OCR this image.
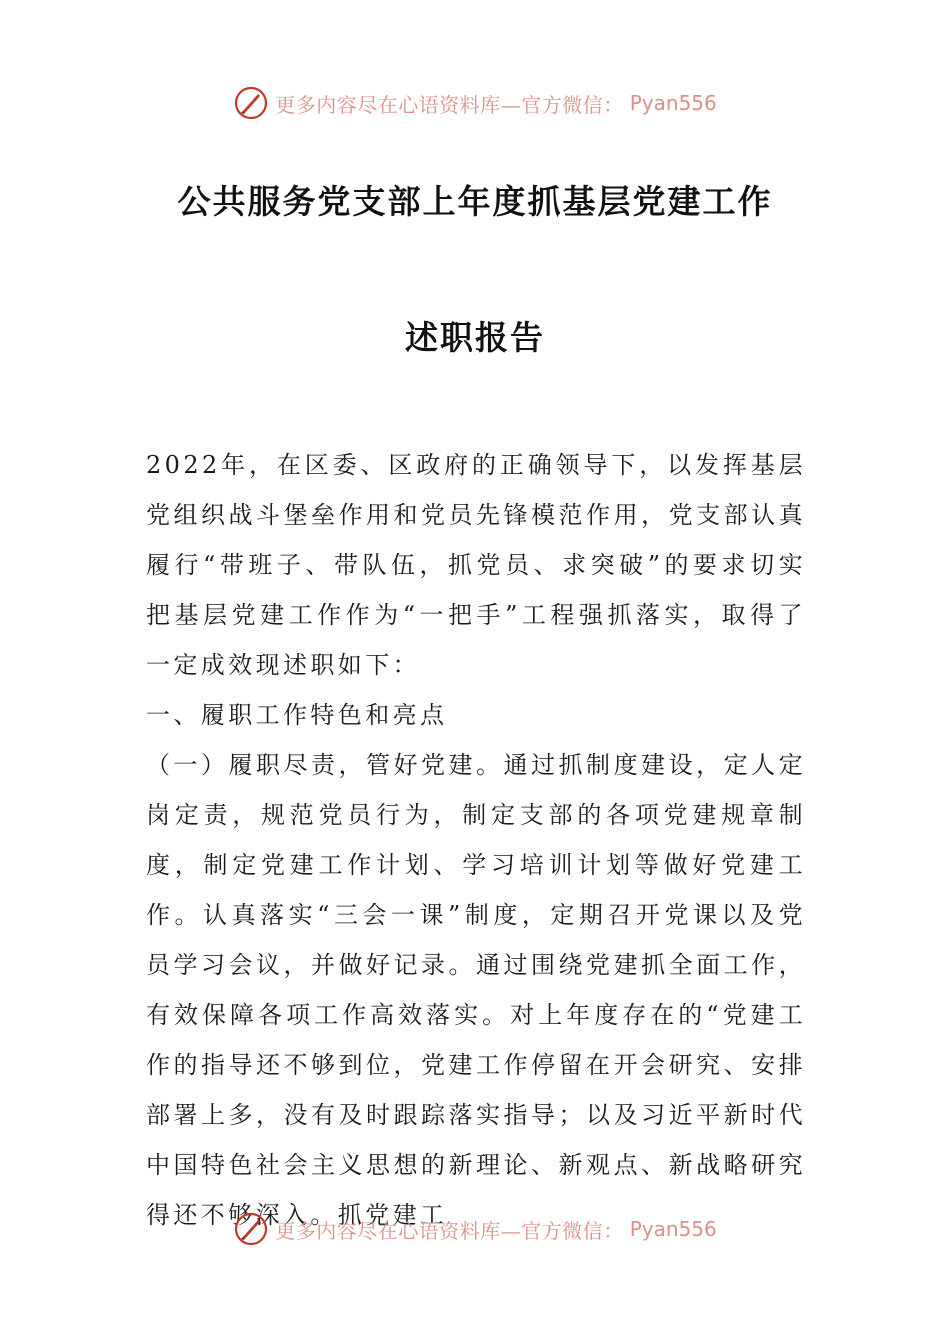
更多内容尽在心语资料库—官方微信： Pyan556
公共服务党支部上年度抓基层党建工作
述职报告

2022年，在区委、区政府的正确领导下，以发挥基层党组织战斗堡垒作用和党员先锋模范作用，党支部认真履行“带班子、带队伍，抓党员、求突破”的要求切实把基层党建工作作为“一把手”工程强抓落实，取得了一定成效现述职如下：

一、履职工作特色和亮点

（一）履职尽责，管好党建。通过抓制度建设，定人定岗定责，规范党员行为，制定支部的各项党建规章制度，制定党建工作计划、学习培训计划等做好党建工作。认真落实“三会一课”制度，定期召开党课以及党员学习会议，并做好记录。通过围绕党建抓全面工作，有效保障各项工作高效落实。对上年度存在的“党建工作的指导还不够到位，党建工作停留在开会研究、安排部署上多，没有及时跟踪落实指导；以及习近平新时代中国特色社会主义思想的新理论、新观点、新战略研究得还不够深入。抓党建工

更多内容尽在心语资料库—官方微信： Pyan556
